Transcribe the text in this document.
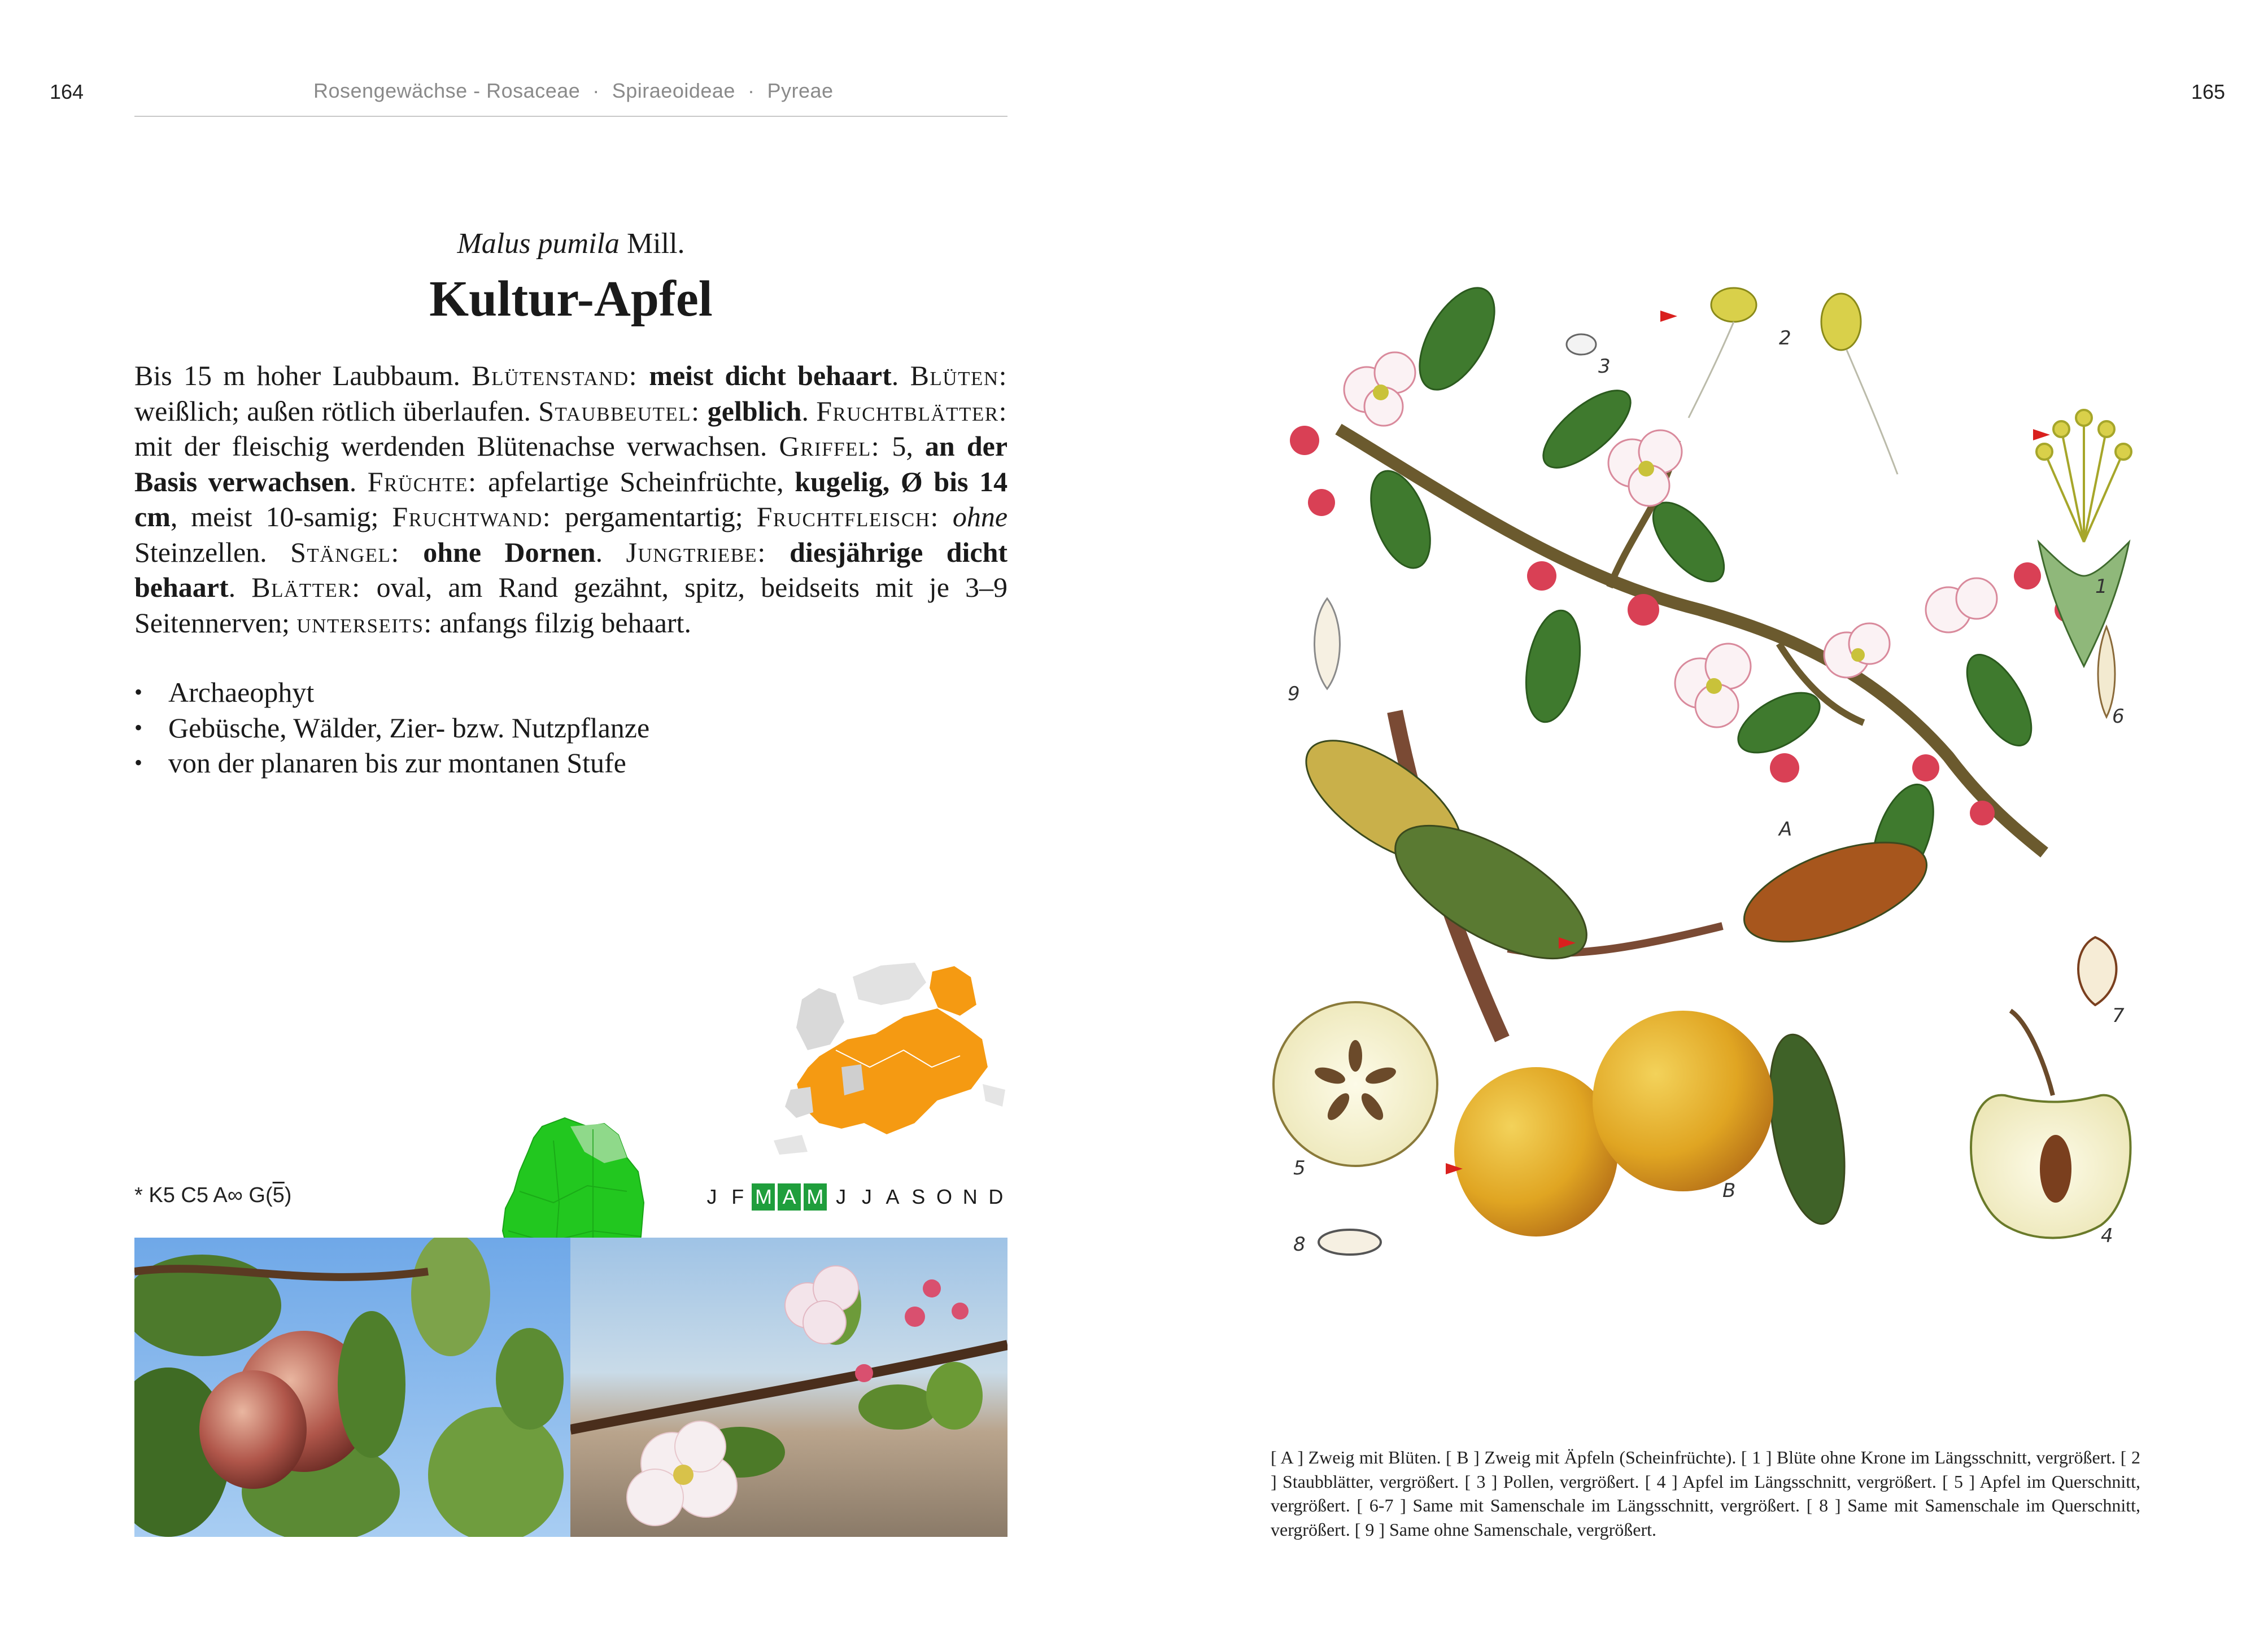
164	165
Rosengewächse - Rosaceae · Spiraeoideae · Pyreae
Malus pumila Mill.
Kultur-Apfel
Bis 15 m hoher Laubbaum. Blütenstand: meist dicht behaart. Blüten: weißlich; außen rötlich überlaufen. Staubbeutel: gelblich. Fruchtblätter: mit der fleischig werdenden Blütenachse verwachsen. Griffel: 5, an der Basis verwachsen. Früchte: apfelartige Scheinfrüchte, kugelig, Ø bis 14 cm, meist 10-samig; Fruchtwand: pergamentartig; Fruchtfleisch: ohne Steinzellen. Stängel: ohne Dornen. Jungtriebe: diesjährige dicht behaart. Blätter: oval, am Rand gezähnt, spitz, beidseits mit je 3–9 Seitennerven; unterseits: anfangs filzig behaart.
• Archaeophyt
• Gebüsche, Wälder, Zier- bzw. Nutzpflanze
• von der planaren bis zur montanen Stufe
* K5 C5 A∞ G(5)	J F M A M J J A S O N D
A
B
1
2
3
4
5
6
7
8
9
[ A ] Zweig mit Blüten. [ B ] Zweig mit Äpfeln (Scheinfrüchte). [ 1 ] Blüte ohne Krone im Längsschnitt, vergrößert. [ 2 ] Staubblätter, vergrößert. [ 3 ] Pollen, vergrößert. [ 4 ] Apfel im Längsschnitt, vergrößert. [ 5 ] Apfel im Querschnitt, vergrößert. [ 6-7 ] Same mit Samenschale im Längsschnitt, vergrößert. [ 8 ] Same mit Samenschale im Querschnitt, vergrößert. [ 9 ] Same ohne Samenschale, vergrößert.
